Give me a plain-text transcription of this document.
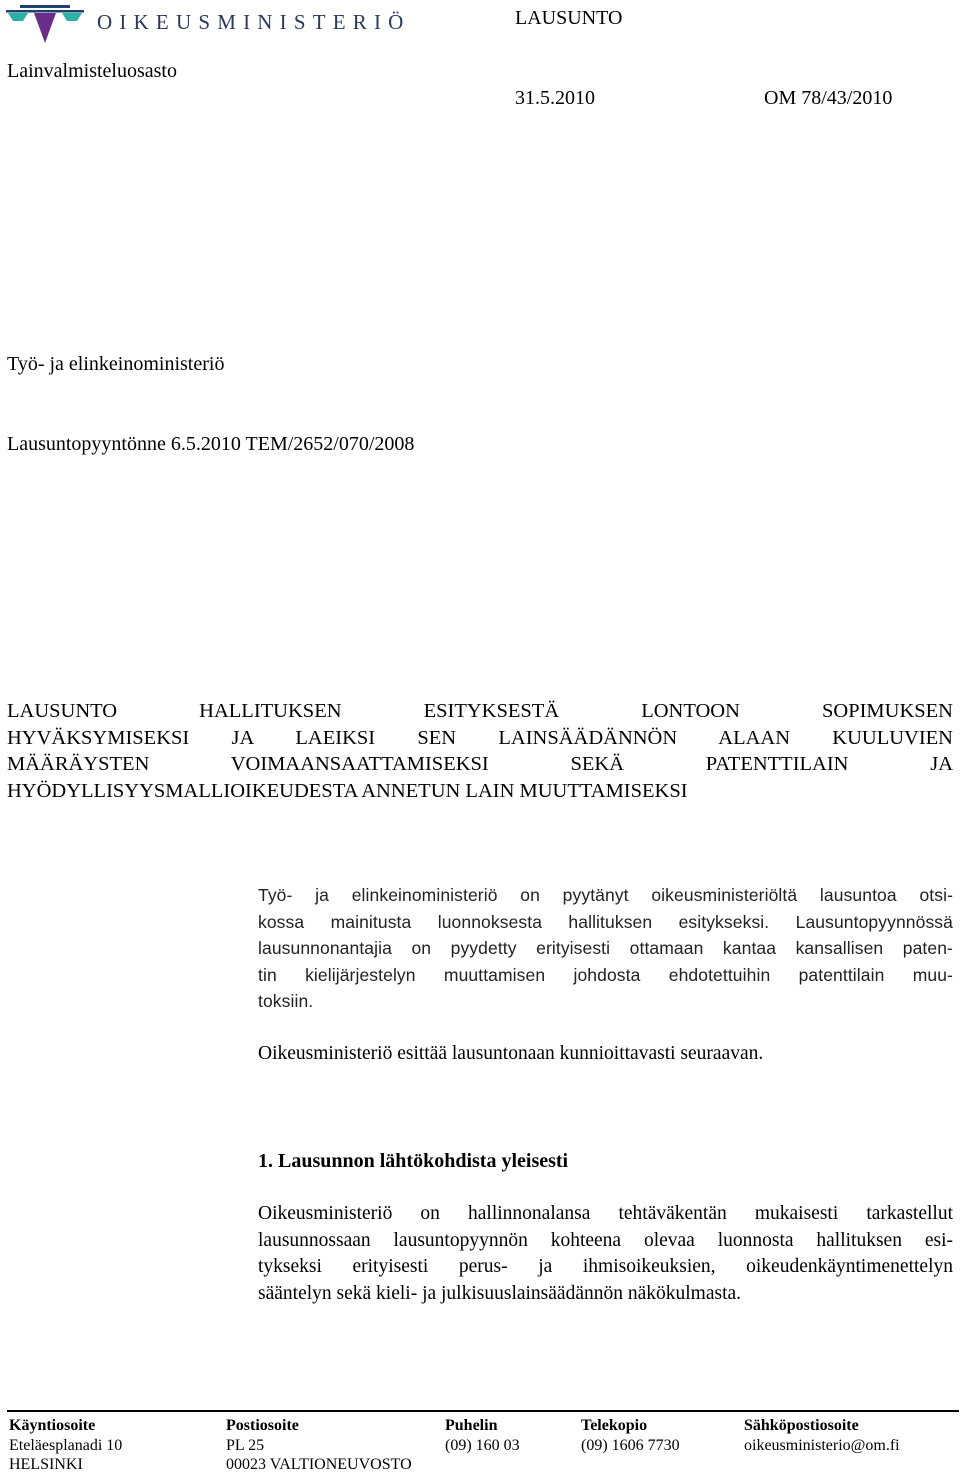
OIKEUSMINISTERIÖ	LAUSUNTO
Lainvalmisteluosasto
31.5.2010	OM 78/43/2010
Työ- ja elinkeinoministeriö
Lausuntopyyntönne 6.5.2010 TEM/2652/070/2008
LAUSUNTO HALLITUKSEN ESITYKSESTÄ LONTOON SOPIMUKSEN
HYVÄKSYMISEKSI JA LAEIKSI SEN LAINSÄÄDÄNNÖN ALAAN KUULUVIEN
MÄÄRÄYSTEN VOIMAANSAATTAMISEKSI SEKÄ PATENTTILAIN JA
HYÖDYLLISYYSMALLIOIKEUDESTA ANNETUN LAIN MUUTTAMISEKSI
Työ- ja elinkeinoministeriö on pyytänyt oikeusministeriöltä lausuntoa otsi-
kossa mainitusta luonnoksesta hallituksen esitykseksi. Lausuntopyynnössä
lausunnonantajia on pyydetty erityisesti ottamaan kantaa kansallisen paten-
tin kielijärjestelyn muuttamisen johdosta ehdotettuihin patenttilain muu-
toksiin.
Oikeusministeriö esittää lausuntonaan kunnioittavasti seuraavan.
1. Lausunnon lähtökohdista yleisesti
Oikeusministeriö on hallinnonalansa tehtäväkentän mukaisesti tarkastellut
lausunnossaan lausuntopyynnön kohteena olevaa luonnosta hallituksen esi-
tykseksi erityisesti perus- ja ihmisoikeuksien, oikeudenkäyntimenettelyn
sääntelyn sekä kieli- ja julkisuuslainsäädännön näkökulmasta.
Käyntiosoite
Eteläesplanadi 10
HELSINKI
Postiosoite
PL 25
00023 VALTIONEUVOSTO
Puhelin
(09) 160 03
Telekopio
(09) 1606 7730
Sähköpostiosoite
oikeusministerio@om.fi
